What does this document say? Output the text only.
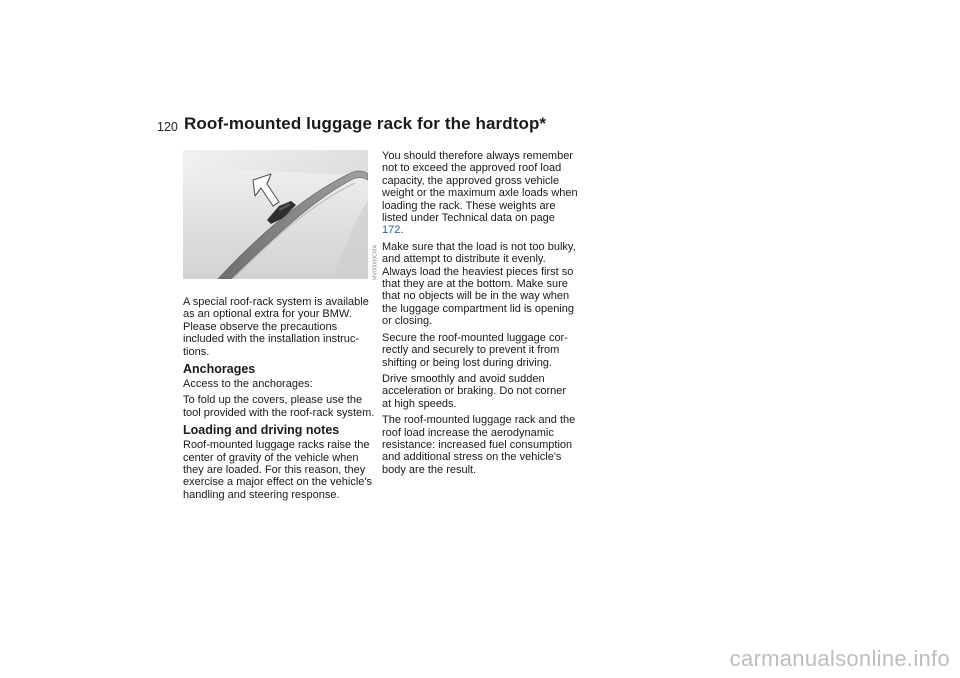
120 Roof-mounted luggage rack for the hardtop*
MV00089CMA

A special roof-rack system is available as an optional extra for your BMW. Please observe the precautions included with the installation instruc-tions.

Anchorages

Access to the anchorages:

To fold up the covers, please use the tool provided with the roof-rack system.

Loading and driving notes

Roof-mounted luggage racks raise the center of gravity of the vehicle when they are loaded. For this reason, they exercise a major effect on the vehicle's handling and steering response.

You should therefore always remember not to exceed the approved roof load capacity, the approved gross vehicle weight or the maximum axle loads when loading the rack. These weights are listed under Technical data on page 172.

Make sure that the load is not too bulky, and attempt to distribute it evenly. Always load the heaviest pieces first so that they are at the bottom. Make sure that no objects will be in the way when the luggage compartment lid is opening or closing.

Secure the roof-mounted luggage cor-rectly and securely to prevent it from shifting or being lost during driving.

Drive smoothly and avoid sudden acceleration or braking. Do not corner at high speeds.

The roof-mounted luggage rack and the roof load increase the aerodynamic resistance: increased fuel consumption and additional stress on the vehicle's body are the result.

carmanualsonline.info
